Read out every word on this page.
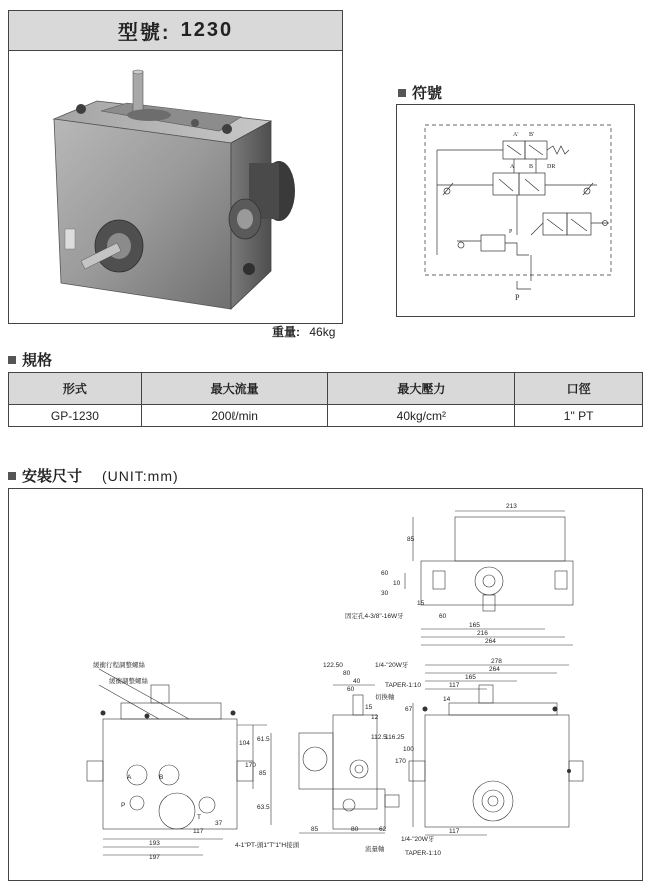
型號: 1230
重量: 46kg
符號
A' B'
A B DR
P
P
規格
形式	最大流量	最大壓力	口徑
GP-1230	200ℓ/min	40kg/cm²	1" PT
安裝尺寸 (UNIT:mm)
213
85
60
10
30
15
固定孔4-3/8"-16W牙	60
165
216
264
緩衝行程調整螺絲
緩衝調整螺絲
A	B
P
T
104
170
117
37
193
197
4-1"PT-頭1"T"1"H接頭
122.50
80
40
60
15
12
112.5
116.25
61.5
85
63.5
85	80	62
1/4-"20W牙
TAPER-1:10
切換軸
1/4-"20W牙
TAPER-1:10
流量軸
278
264
165
117
14
67
100
170
117
